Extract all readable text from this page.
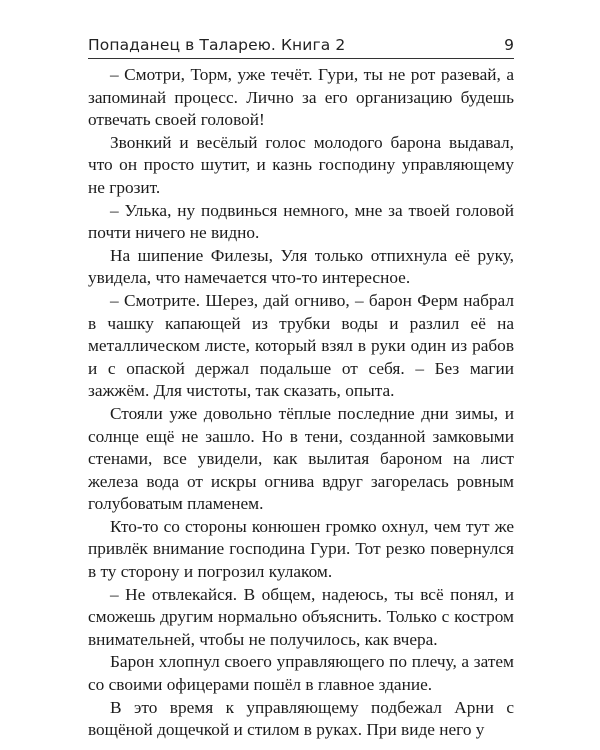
Попаданец в Таларею. Книга 2	9

– Смотри, Торм, уже течёт. Гури, ты не рот разевай, а запоминай процесс. Лично за его организацию будешь отвечать своей головой!

Звонкий и весёлый голос молодого барона выдавал, что он просто шутит, и казнь господину управляющему не грозит.

– Улька, ну подвинься немного, мне за твоей головой почти ничего не видно.

На шипение Филезы, Уля только отпихнула её руку, увидела, что намечается что-то интересное.

– Смотрите. Шерез, дай огниво, – барон Ферм набрал в чашку капающей из трубки воды и разлил её на металлическом листе, который взял в руки один из рабов и с опаской держал подальше от себя. – Без магии зажжём. Для чистоты, так сказать, опыта.

Стояли уже довольно тёплые последние дни зимы, и солнце ещё не зашло. Но в тени, созданной замковыми стенами, все увидели, как вылитая бароном на лист железа вода от искры огнива вдруг загорелась ровным голубоватым пламенем.

Кто-то со стороны конюшен громко охнул, чем тут же привлёк внимание господина Гури. Тот резко повернулся в ту сторону и погрозил кулаком.

– Не отвлекайся. В общем, надеюсь, ты всё понял, и сможешь другим нормально объяснить. Только с костром внимательней, чтобы не получилось, как вчера.

Барон хлопнул своего управляющего по плечу, а затем со своими офицерами пошёл в главное здание.

В это время к управляющему подбежал Арни с вощёной дощечкой и стилом в руках. При виде него у
